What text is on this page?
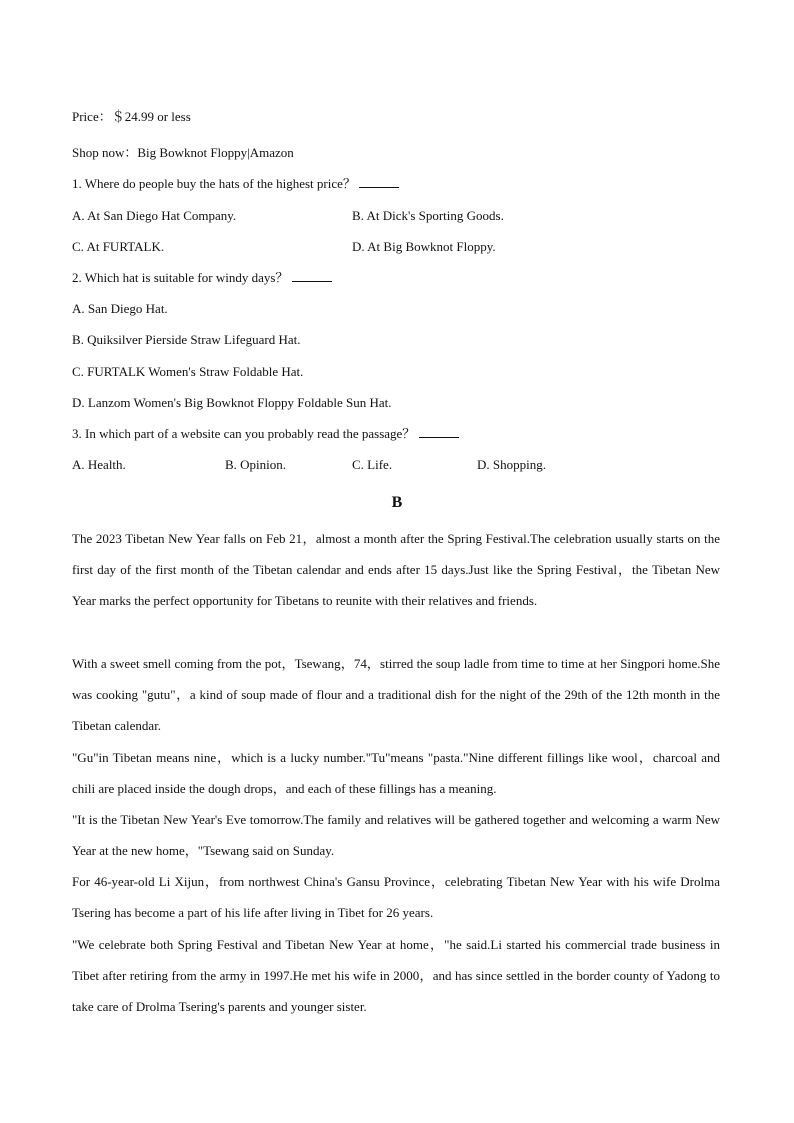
Price：＄24.99 or less
Shop now：Big Bowknot Floppy|Amazon
1. Where do people buy the hats of the highest price？
A. At San Diego Hat Company.	B. At Dick's Sporting Goods.
C. At FURTALK.	D. At Big Bowknot Floppy.
2. Which hat is suitable for windy days？
A. San Diego Hat.
B. Quiksilver Pierside Straw Lifeguard Hat.
C. FURTALK Women's Straw Foldable Hat.
D. Lanzom Women's Big Bowknot Floppy Foldable Sun Hat.
3. In which part of a website can you probably read the passage？
A. Health.	B. Opinion.	C. Life.	D. Shopping.
B
The 2023 Tibetan New Year falls on Feb 21，almost a month after the Spring Festival.The celebration usually starts on the first day of the first month of the Tibetan calendar and ends after 15 days.Just like the Spring Festival，the Tibetan New Year marks the perfect opportunity for Tibetans to reunite with their relatives and friends.
With a sweet smell coming from the pot，Tsewang，74，stirred the soup ladle from time to time at her Singpori home.She was cooking "gutu"，a kind of soup made of flour and a traditional dish for the night of the 29th of the 12th month in the Tibetan calendar.
"Gu"in Tibetan means nine，which is a lucky number."Tu"means "pasta."Nine different fillings like wool，charcoal and chili are placed inside the dough drops，and each of these fillings has a meaning.
"It is the Tibetan New Year's Eve tomorrow.The family and relatives will be gathered together and welcoming a warm New Year at the new home，"Tsewang said on Sunday.
For 46-year-old Li Xijun，from northwest China's Gansu Province，celebrating Tibetan New Year with his wife Drolma Tsering has become a part of his life after living in Tibet for 26 years.
"We celebrate both Spring Festival and Tibetan New Year at home，"he said.Li started his commercial trade business in Tibet after retiring from the army in 1997.He met his wife in 2000，and has since settled in the border county of Yadong to take care of Drolma Tsering's parents and younger sister.
